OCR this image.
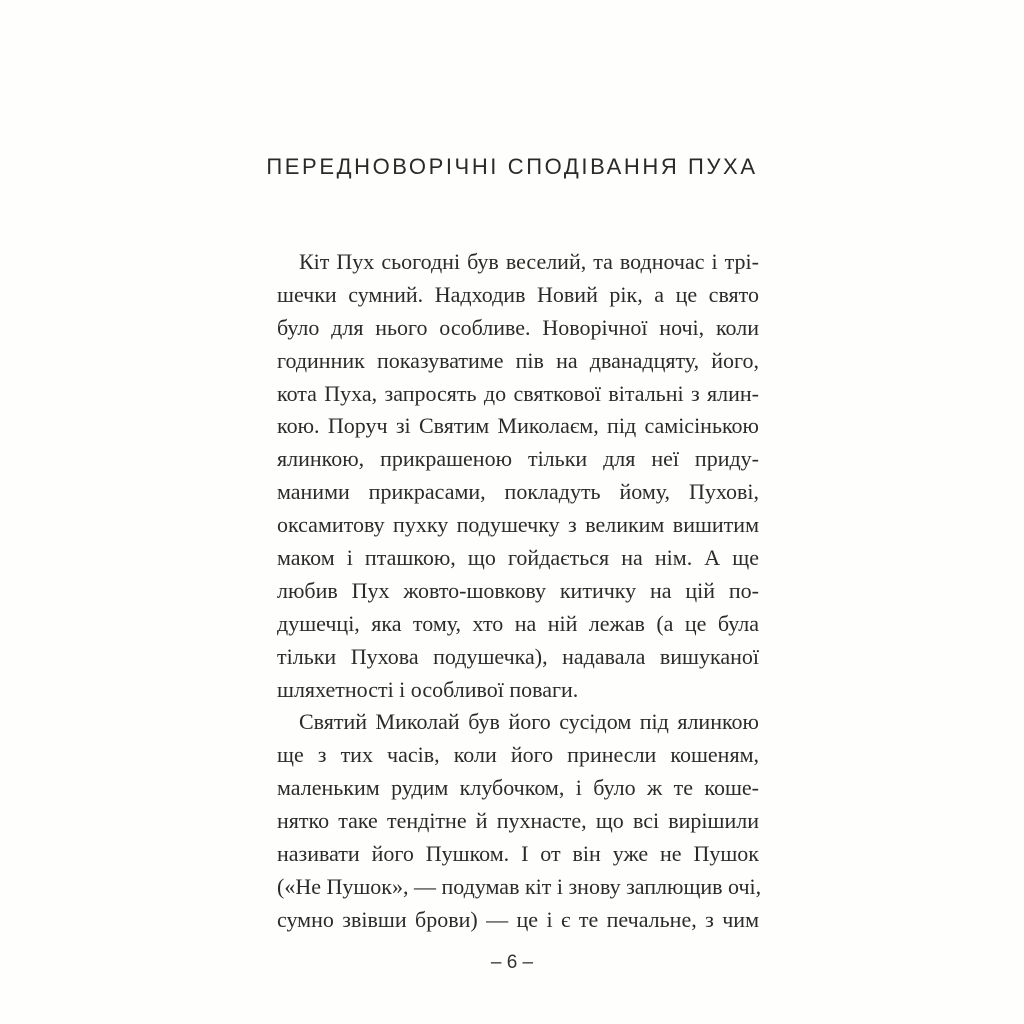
ПЕРЕДНОВОРІЧНІ СПОДІВАННЯ ПУХА
Кіт Пух сьогодні був веселий, та водночас і трі-
шечки сумний. Надходив Новий рік, а це свято
було для нього особливе. Новорічної ночі, коли
годинник показуватиме пів на дванадцяту, його,
кота Пуха, запросять до святкової вітальні з ялин-
кою. Поруч зі Святим Миколаєм, під самісінькою
ялинкою, прикрашеною тільки для неї приду-
маними прикрасами, покладуть йому, Пухові,
оксамитову пухку подушечку з великим вишитим
маком і пташкою, що гойдається на нім. А ще
любив Пух жовто-шовкову китичку на цій по-
душечці, яка тому, хто на ній лежав (а це була
тільки Пухова подушечка), надавала вишуканої
шляхетності і особливої поваги.
Святий Миколай був його сусідом під ялинкою
ще з тих часів, коли його принесли кошеням,
маленьким рудим клубочком, і було ж те коше-
нятко таке тендітне й пухнасте, що всі вирішили
називати його Пушком. І от він уже не Пушок
(«Не Пушок», — подумав кіт і знову заплющив очі,
сумно звівши брови) — це і є те печальне, з чим
– 6 –
